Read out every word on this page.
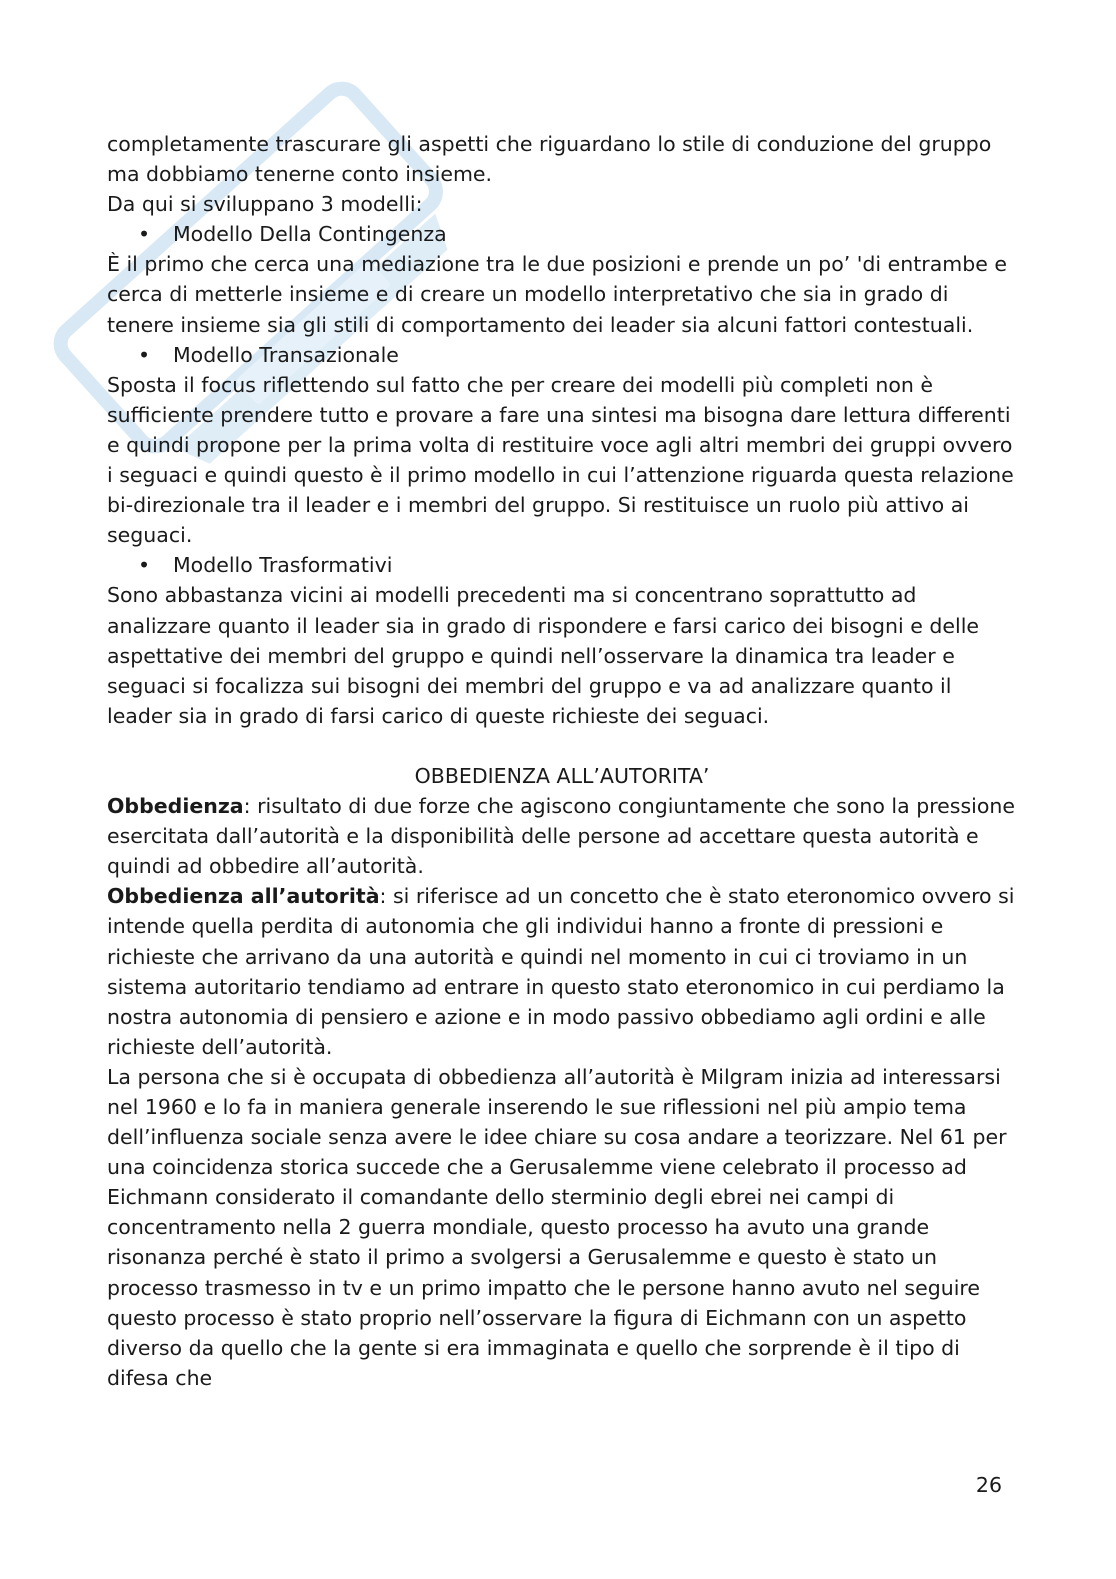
completamente trascurare gli aspetti che riguardano lo stile di conduzione del gruppo ma dobbiamo tenerne conto insieme.

Da qui si sviluppano 3 modelli:

• Modello Della Contingenza

È il primo che cerca una mediazione tra le due posizioni e prende un po’ 'di entrambe e cerca di metterle insieme e di creare un modello interpretativo che sia in grado di tenere insieme sia gli stili di comportamento dei leader sia alcuni fattori contestuali.

• Modello Transazionale

Sposta il focus riflettendo sul fatto che per creare dei modelli più completi non è sufficiente prendere tutto e provare a fare una sintesi ma bisogna dare lettura differenti e quindi propone per la prima volta di restituire voce agli altri membri dei gruppi ovvero i seguaci e quindi questo è il primo modello in cui l’attenzione riguarda questa relazione bi-direzionale tra il leader e i membri del gruppo. Si restituisce un ruolo più attivo ai seguaci.

• Modello Trasformativi

Sono abbastanza vicini ai modelli precedenti ma si concentrano soprattutto ad analizzare quanto il leader sia in grado di rispondere e farsi carico dei bisogni e delle aspettative dei membri del gruppo e quindi nell’osservare la dinamica tra leader e seguaci si focalizza sui bisogni dei membri del gruppo e va ad analizzare quanto il leader sia in grado di farsi carico di queste richieste dei seguaci.

OBBEDIENZA ALL’AUTORITA’

Obbedienza: risultato di due forze che agiscono congiuntamente che sono la pressione esercitata dall’autorità e la disponibilità delle persone ad accettare questa autorità e quindi ad obbedire all’autorità.

Obbedienza all’autorità: si riferisce ad un concetto che è stato eteronomico ovvero si intende quella perdita di autonomia che gli individui hanno a fronte di pressioni e richieste che arrivano da una autorità e quindi nel momento in cui ci troviamo in un sistema autoritario tendiamo ad entrare in questo stato eteronomico in cui perdiamo la nostra autonomia di pensiero e azione e in modo passivo obbediamo agli ordini e alle richieste dell’autorità.

La persona che si è occupata di obbedienza all’autorità è Milgram inizia ad interessarsi nel 1960 e lo fa in maniera generale inserendo le sue riflessioni nel più ampio tema dell’influenza sociale senza avere le idee chiare su cosa andare a teorizzare. Nel 61 per una coincidenza storica succede che a Gerusalemme viene celebrato il processo ad Eichmann considerato il comandante dello sterminio degli ebrei nei campi di concentramento nella 2 guerra mondiale, questo processo ha avuto una grande risonanza perché è stato il primo a svolgersi a Gerusalemme e questo è stato un processo trasmesso in tv e un primo impatto che le persone hanno avuto nel seguire questo processo è stato proprio nell’osservare la figura di Eichmann con un aspetto diverso da quello che la gente si era immaginata e quello che sorprende è il tipo di difesa che

26
